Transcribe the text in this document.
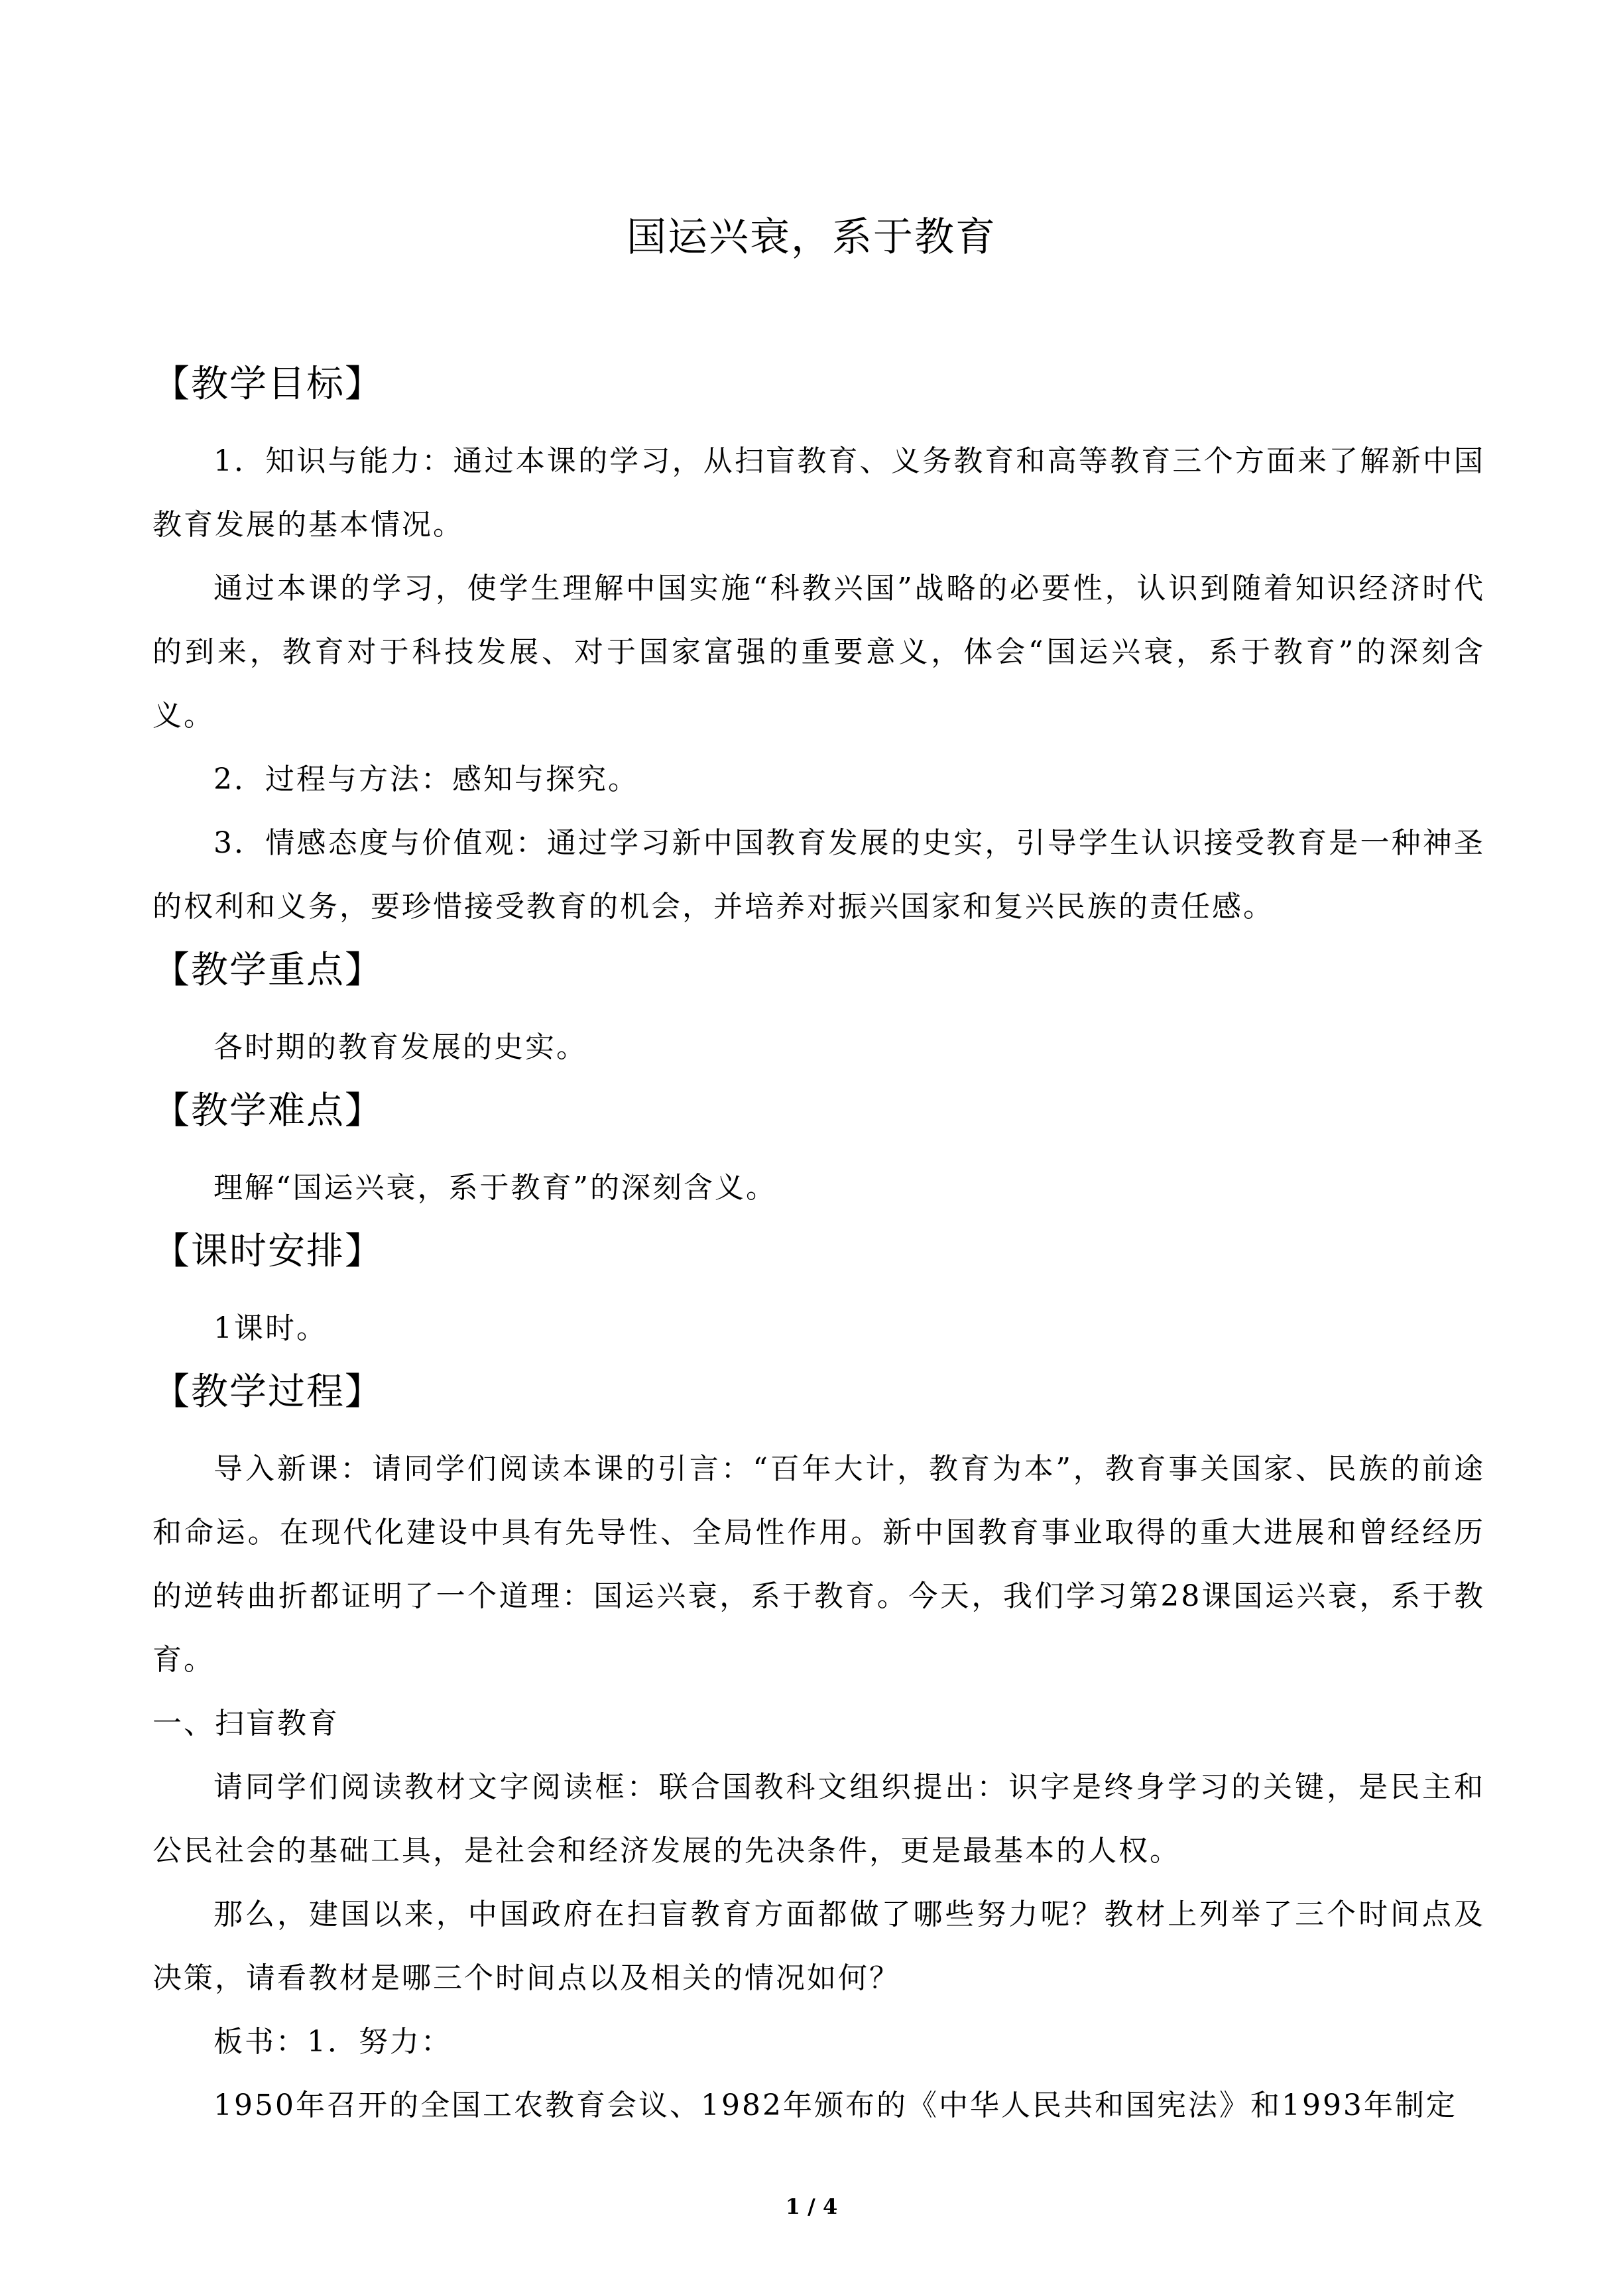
国运兴衰，系于教育
【教学目标】

1．知识与能力：通过本课的学习，从扫盲教育、义务教育和高等教育三个方面来了解新中国教育发展的基本情况。

通过本课的学习，使学生理解中国实施“科教兴国”战略的必要性，认识到随着知识经济时代的到来，教育对于科技发展、对于国家富强的重要意义，体会“国运兴衰，系于教育”的深刻含义。

2．过程与方法：感知与探究。

3．情感态度与价值观：通过学习新中国教育发展的史实，引导学生认识接受教育是一种神圣的权利和义务，要珍惜接受教育的机会，并培养对振兴国家和复兴民族的责任感。

【教学重点】

各时期的教育发展的史实。

【教学难点】

理解“国运兴衰，系于教育”的深刻含义。

【课时安排】

1课时。

【教学过程】

导入新课：请同学们阅读本课的引言：“百年大计，教育为本”，教育事关国家、民族的前途和命运。在现代化建设中具有先导性、全局性作用。新中国教育事业取得的重大进展和曾经经历的逆转曲折都证明了一个道理：国运兴衰，系于教育。今天，我们学习第28课国运兴衰，系于教育。

一、扫盲教育

请同学们阅读教材文字阅读框：联合国教科文组织提出：识字是终身学习的关键，是民主和公民社会的基础工具，是社会和经济发展的先决条件，更是最基本的人权。

那么，建国以来，中国政府在扫盲教育方面都做了哪些努力呢？教材上列举了三个时间点及决策，请看教材是哪三个时间点以及相关的情况如何？

板书：1．努力：

1950年召开的全国工农教育会议、1982年颁布的《中华人民共和国宪法》和1993年制定

1 / 4
